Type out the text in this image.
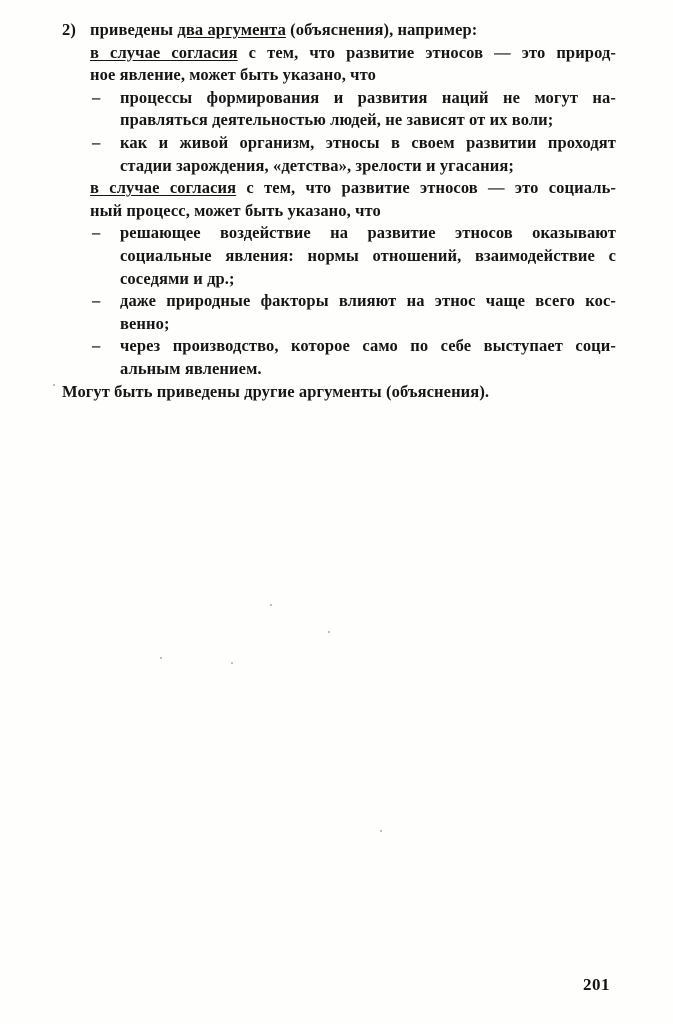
2) приведены два аргумента (объяснения), например:
в случае согласия с тем, что развитие этносов — это природ-
ное явление, может быть указано, что
– процессы формирования и развития наций не могут на-
правляться деятельностью людей, не зависят от их воли;
– как и живой организм, этносы в своем развитии проходят
стадии зарождения, «детства», зрелости и угасания;
в случае согласия с тем, что развитие этносов — это социаль-
ный процесс, может быть указано, что
– решающее воздействие на развитие этносов оказывают
социальные явления: нормы отношений, взаимодействие с
соседями и др.;
– даже природные факторы влияют на этнос чаще всего кос-
венно;
– через производство, которое само по себе выступает соци-
альным явлением.
Могут быть приведены другие аргументы (объяснения).
201
